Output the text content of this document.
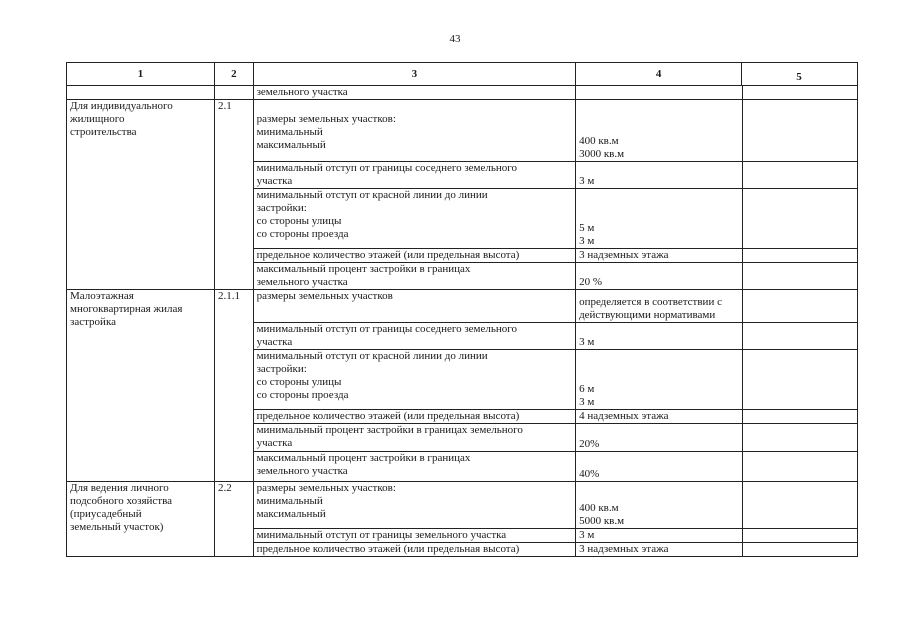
43
1	2	3	4 5	

		земельного участка		

Для индивидуального
жилищного
строительства	2.1	размеры земельных участков:
минимальный
максимальный	400 кв.м
3000 кв.м	

		минимальный отступ от границы соседнего земельного
участка	3 м	

		минимальный отступ от красной линии до линии
застройки:
со стороны улицы
со стороны проезда	5 м
3 м	

		предельное количество этажей (или предельная высота)	3 надземных этажа	

		максимальный процент застройки в границах
земельного участка	20 %	

Малоэтажная
многоквартирная жилая
застройка	2.1.1	размеры земельных участков	определяется в соответствии с
действующими нормативами	

		минимальный отступ от границы соседнего земельного
участка	3 м	

		минимальный отступ от красной линии до линии
застройки:
со стороны улицы
со стороны проезда	6 м
3 м	

		предельное количество этажей (или предельная высота)	4 надземных этажа	

		минимальный процент застройки в границах земельного
участка	20%	

		максимальный процент застройки в границах
земельного участка	40%	

Для ведения личного
подсобного хозяйства
(приусадебный
земельный участок)	2.2	размеры земельных участков:
минимальный
максимальный	400 кв.м
5000 кв.м	

		минимальный отступ от границы земельного участка	3 м	

		предельное количество этажей (или предельная высота)	3 надземных этажа	
